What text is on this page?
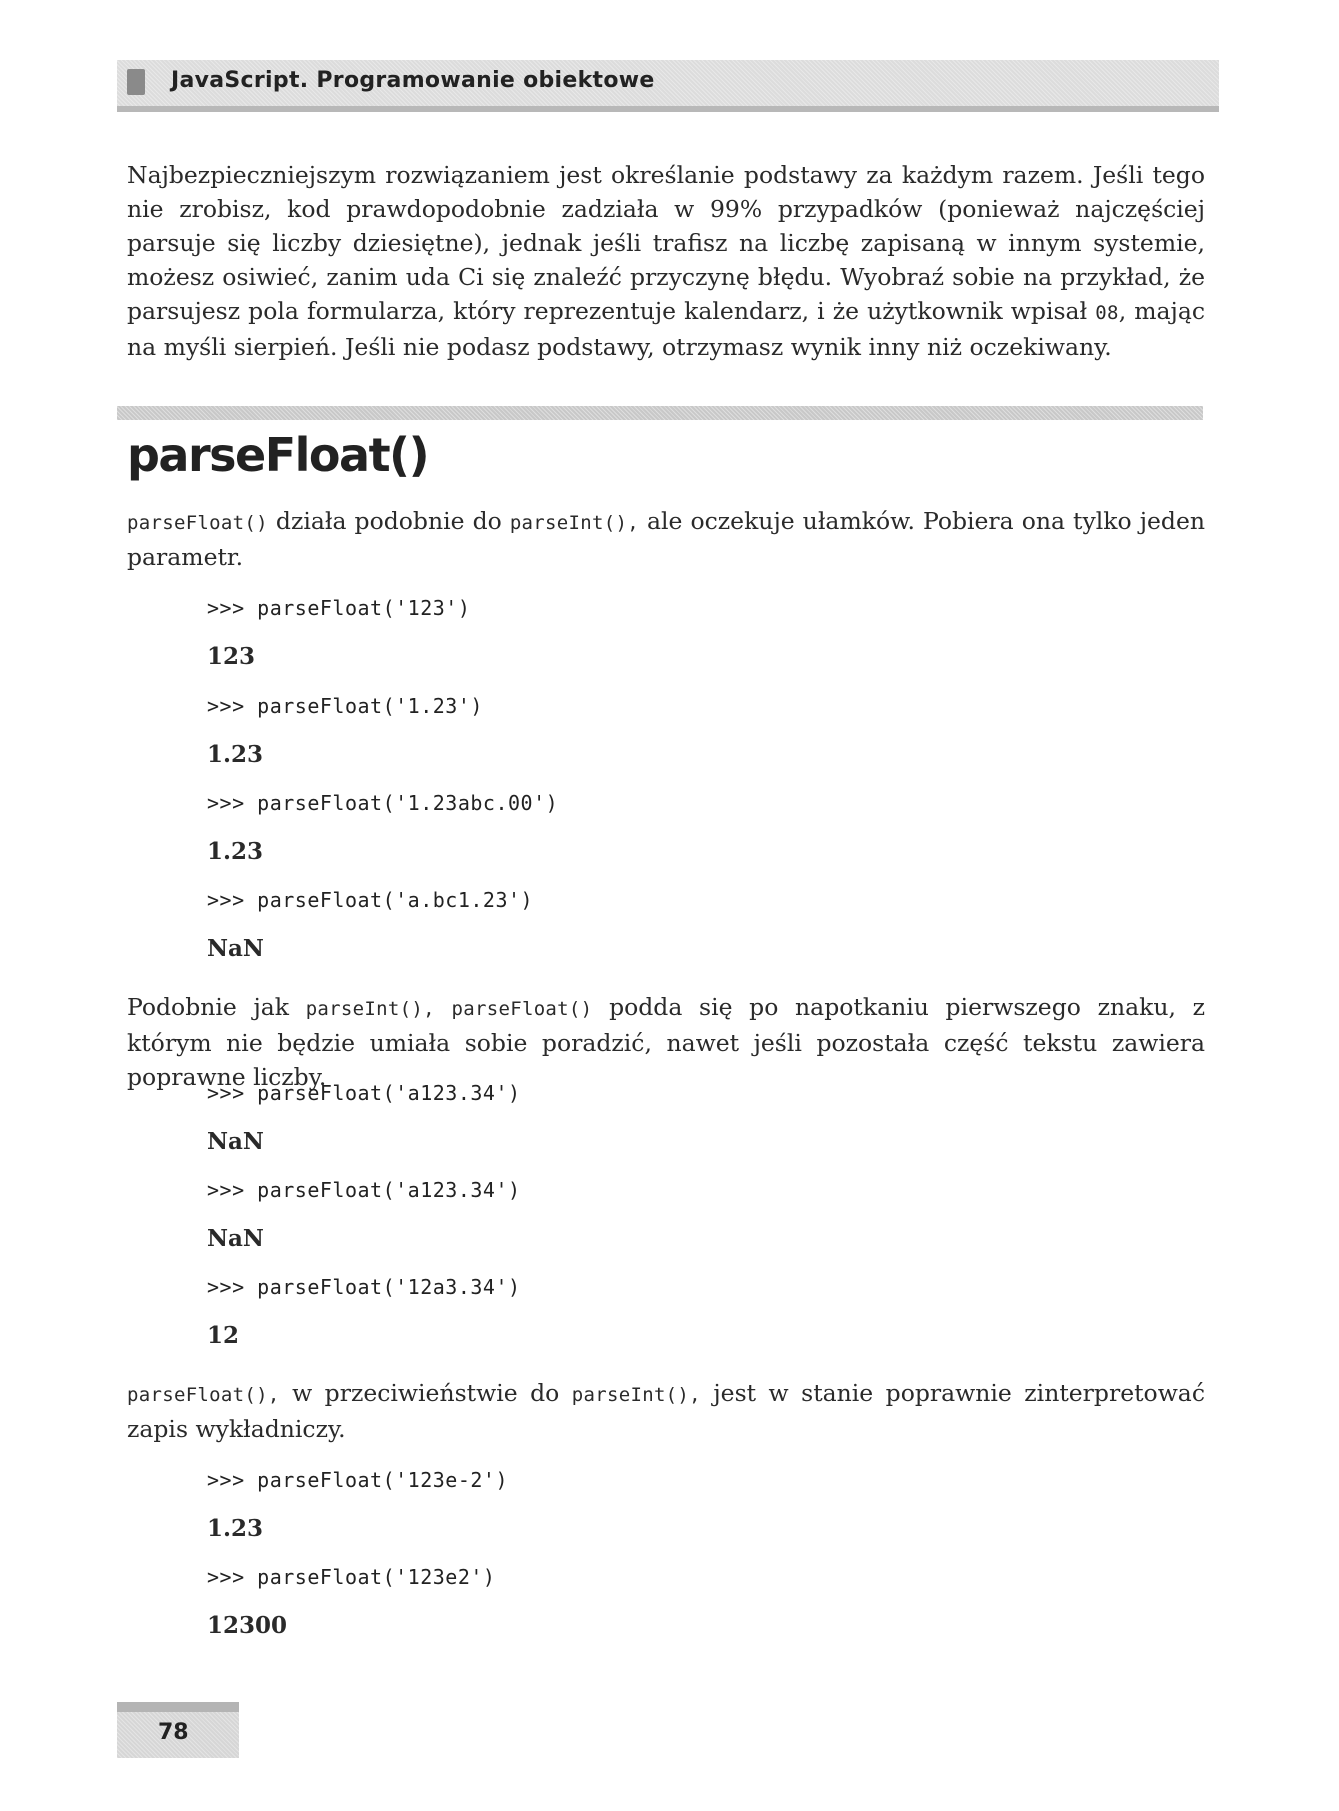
JavaScript. Programowanie obiektowe

Najbezpieczniejszym rozwiązaniem jest określanie podstawy za każdym razem. Jeśli tego nie zrobisz, kod prawdopodobnie zadziała w 99% przypadków (ponieważ najczęściej parsuje się liczby dziesiętne), jednak jeśli trafisz na liczbę zapisaną w innym systemie, możesz osiwieć, zanim uda Ci się znaleźć przyczynę błędu. Wyobraź sobie na przykład, że parsujesz pola formularza, który reprezentuje kalendarz, i że użytkownik wpisał 08, mając na myśli sierpień. Jeśli nie podasz podstawy, otrzymasz wynik inny niż oczekiwany.

parseFloat()

parseFloat() działa podobnie do parseInt(), ale oczekuje ułamków. Pobiera ona tylko jeden parametr.

>>> parseFloat('123')
123
>>> parseFloat('1.23')
1.23
>>> parseFloat('1.23abc.00')
1.23
>>> parseFloat('a.bc1.23')
NaN

Podobnie jak parseInt(), parseFloat() podda się po napotkaniu pierwszego znaku, z którym nie będzie umiała sobie poradzić, nawet jeśli pozostała część tekstu zawiera poprawne liczby.

>>> parseFloat('a123.34')
NaN
>>> parseFloat('a123.34')
NaN
>>> parseFloat('12a3.34')
12

parseFloat(), w przeciwieństwie do parseInt(), jest w stanie poprawnie zinterpretować zapis wykładniczy.

>>> parseFloat('123e-2')
1.23
>>> parseFloat('123e2')
12300
78
